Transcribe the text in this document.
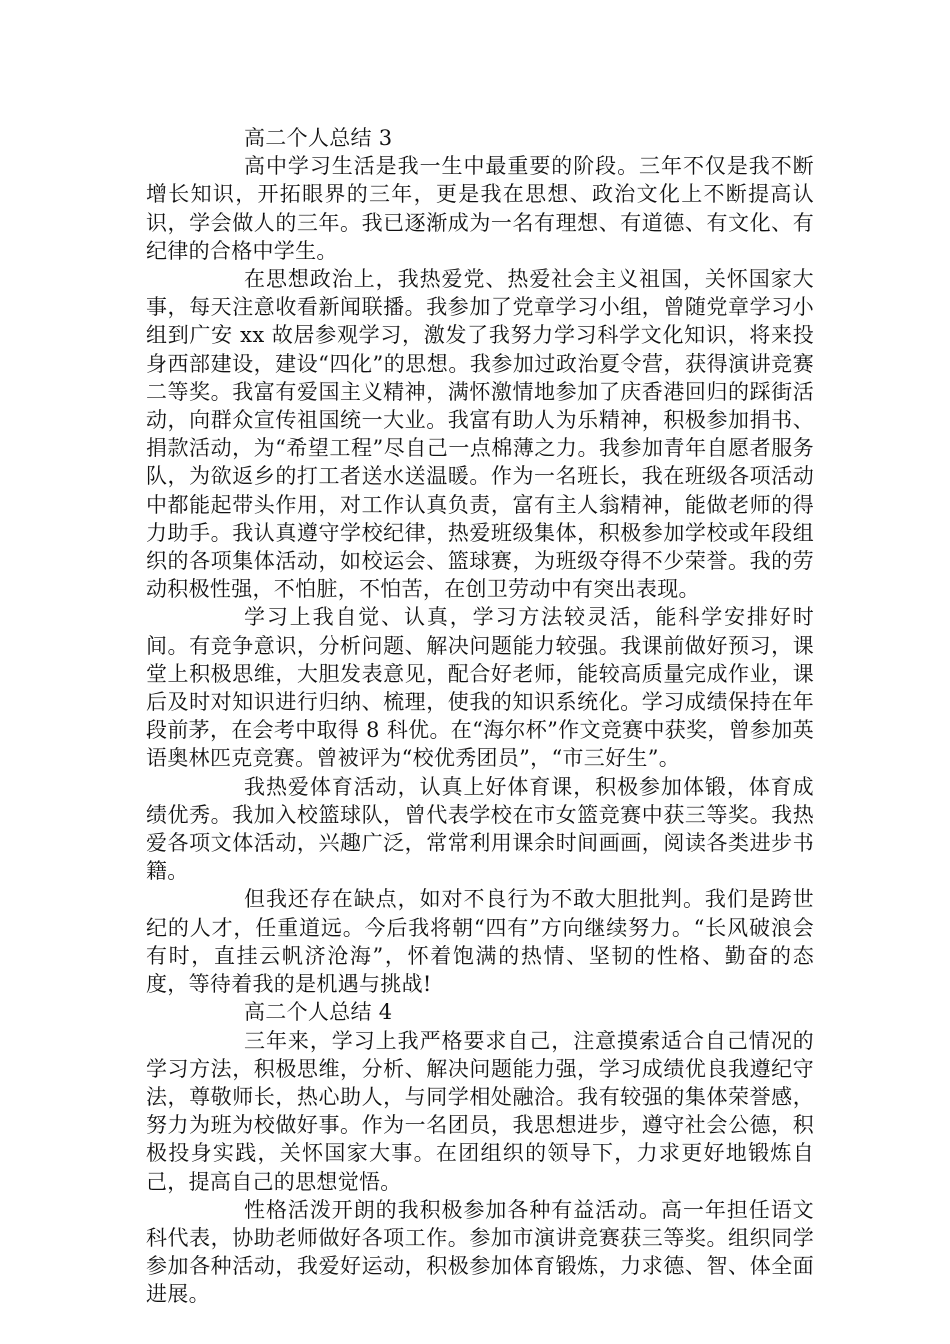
高二个人总结 3

高中学习生活是我一生中最重要的阶段。三年不仅是我不断增长知识，开拓眼界的三年，更是我在思想、政治文化上不断提高认识，学会做人的三年。我已逐渐成为一名有理想、有道德、有文化、有纪律的合格中学生。

在思想政治上，我热爱党、热爱社会主义祖国，关怀国家大事，每天注意收看新闻联播。我参加了党章学习小组，曾随党章学习小组到广安 xx 故居参观学习，激发了我努力学习科学文化知识，将来投身西部建设，建设“四化”的思想。我参加过政治夏令营，获得演讲竞赛二等奖。我富有爱国主义精神，满怀激情地参加了庆香港回归的踩街活动，向群众宣传祖国统一大业。我富有助人为乐精神，积极参加捐书、捐款活动，为“希望工程”尽自己一点棉薄之力。我参加青年自愿者服务队，为欲返乡的打工者送水送温暖。作为一名班长，我在班级各项活动中都能起带头作用，对工作认真负责，富有主人翁精神，能做老师的得力助手。我认真遵守学校纪律，热爱班级集体，积极参加学校或年段组织的各项集体活动，如校运会、篮球赛，为班级夺得不少荣誉。我的劳动积极性强，不怕脏，不怕苦，在创卫劳动中有突出表现。

学习上我自觉、认真，学习方法较灵活，能科学安排好时间。有竞争意识，分析问题、解决问题能力较强。我课前做好预习，课堂上积极思维，大胆发表意见，配合好老师，能较高质量完成作业，课后及时对知识进行归纳、梳理，使我的知识系统化。学习成绩保持在年段前茅，在会考中取得 8 科优。在“海尔杯”作文竞赛中获奖，曾参加英语奥林匹克竞赛。曾被评为“校优秀团员”，“市三好生”。

我热爱体育活动，认真上好体育课，积极参加体锻，体育成绩优秀。我加入校篮球队，曾代表学校在市女篮竞赛中获三等奖。我热爱各项文体活动，兴趣广泛，常常利用课余时间画画，阅读各类进步书籍。

但我还存在缺点，如对不良行为不敢大胆批判。我们是跨世纪的人才，任重道远。今后我将朝“四有”方向继续努力。“长风破浪会有时，直挂云帆济沧海”，怀着饱满的热情、坚韧的性格、勤奋的态度，等待着我的是机遇与挑战!

高二个人总结 4

三年来，学习上我严格要求自己，注意摸索适合自己情况的学习方法，积极思维，分析、解决问题能力强，学习成绩优良我遵纪守法，尊敬师长，热心助人，与同学相处融洽。我有较强的集体荣誉感，努力为班为校做好事。作为一名团员，我思想进步，遵守社会公德，积极投身实践，关怀国家大事。在团组织的领导下，力求更好地锻炼自己，提高自己的思想觉悟。

性格活泼开朗的我积极参加各种有益活动。高一年担任语文科代表，协助老师做好各项工作。参加市演讲竞赛获三等奖。组织同学参加各种活动，我爱好运动，积极参加体育锻炼，力求德、智、体全面进展。
